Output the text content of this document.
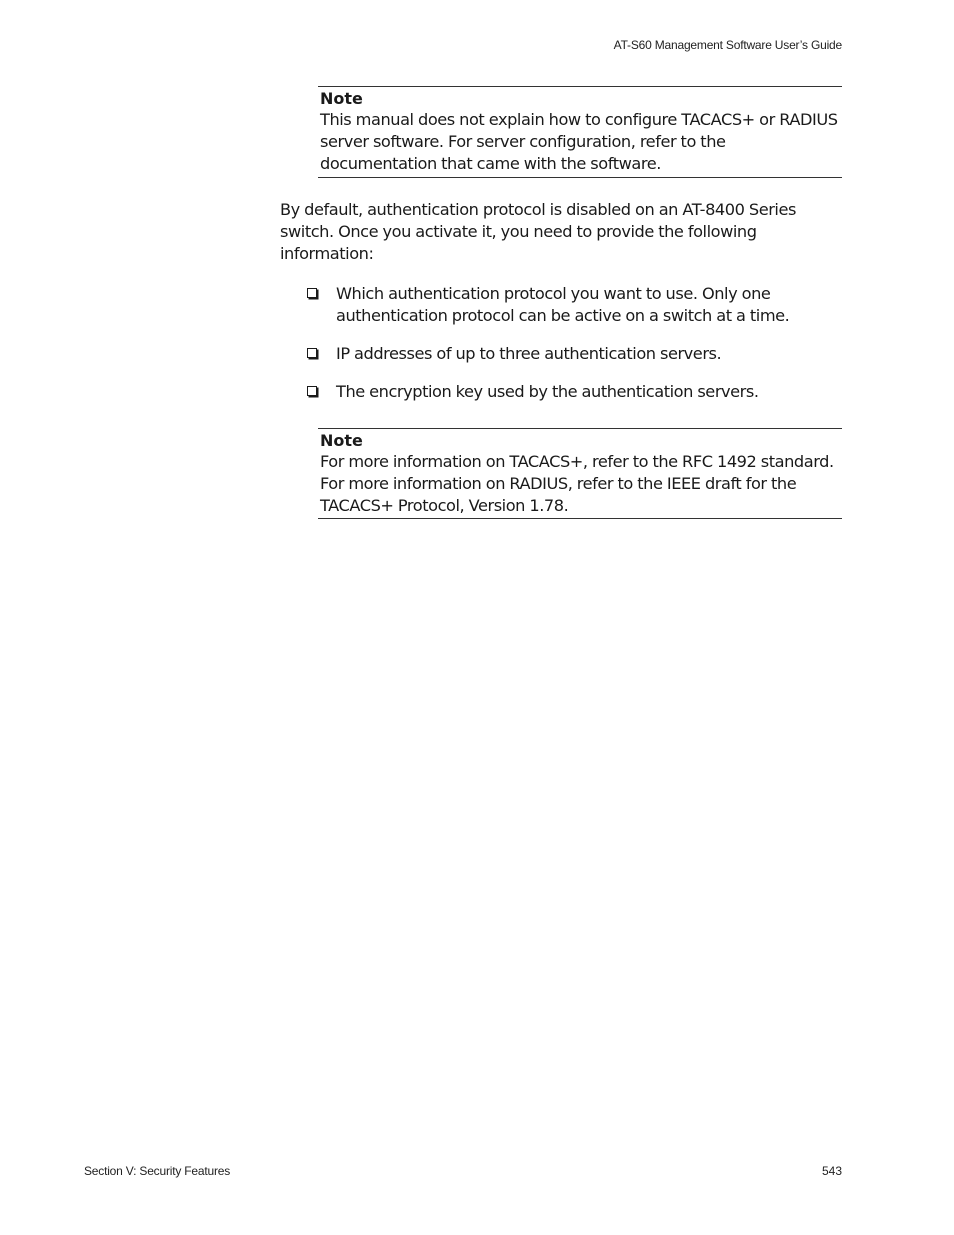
AT-S60 Management Software User’s Guide

Note

This manual does not explain how to configure TACACS+ or RADIUS server software. For server configuration, refer to the documentation that came with the software.

By default, authentication protocol is disabled on an AT-8400 Series switch. Once you activate it, you need to provide the following information:

Which authentication protocol you want to use. Only one authentication protocol can be active on a switch at a time.
IP addresses of up to three authentication servers.
The encryption key used by the authentication servers.

Note

For more information on TACACS+, refer to the RFC 1492 standard. For more information on RADIUS, refer to the IEEE draft for the TACACS+ Protocol, Version 1.78.

Section V: Security Features	543
